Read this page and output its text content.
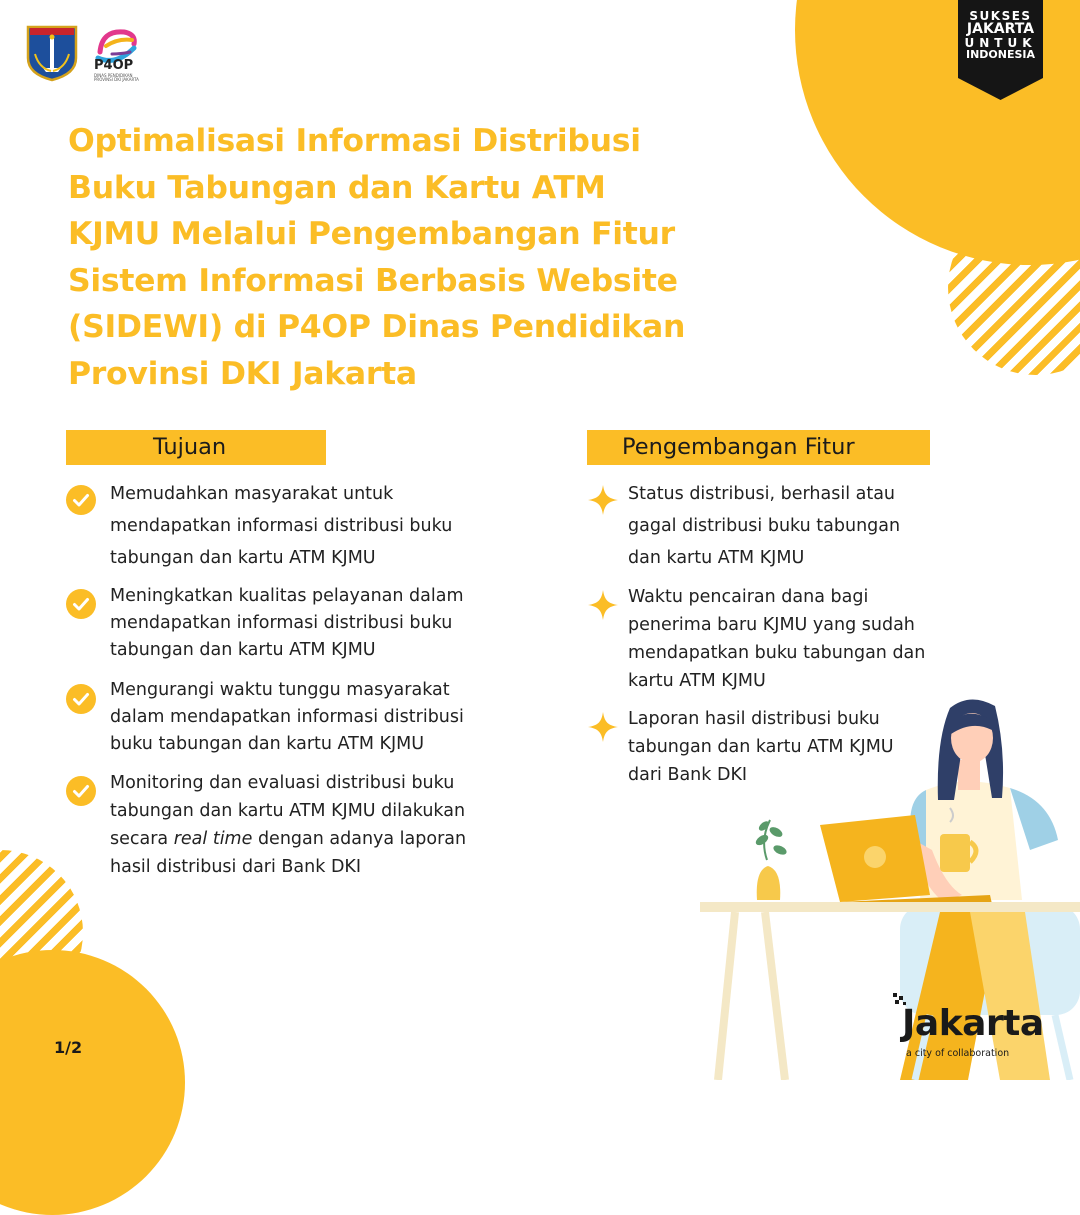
SUKSES
JAKARTA
UNTUK
INDONESIA
P4OP
DINAS PENDIDIKAN PROVINSI DKI JAKARTA
Optimalisasi Informasi Distribusi
Buku Tabungan dan Kartu ATM
KJMU Melalui Pengembangan Fitur
Sistem Informasi Berbasis Website
(SIDEWI) di P4OP Dinas Pendidikan
Provinsi DKI Jakarta
Tujuan
Memudahkan masyarakat untuk
mendapatkan informasi distribusi buku
tabungan dan kartu ATM KJMU
Meningkatkan kualitas pelayanan dalam
mendapatkan informasi distribusi buku
tabungan dan kartu ATM KJMU
Mengurangi waktu tunggu masyarakat
dalam mendapatkan informasi distribusi
buku tabungan dan kartu ATM KJMU
Monitoring dan evaluasi distribusi buku
tabungan dan kartu ATM KJMU dilakukan
secara real time dengan adanya laporan
hasil distribusi dari Bank DKI
Pengembangan Fitur
Status distribusi, berhasil atau
gagal distribusi buku tabungan
dan kartu ATM KJMU
Waktu pencairan dana bagi
penerima baru KJMU yang sudah
mendapatkan buku tabungan dan
kartu ATM KJMU
Laporan hasil distribusi buku
tabungan dan kartu ATM KJMU
dari Bank DKI
Jakarta
a city of collaboration
1/2
